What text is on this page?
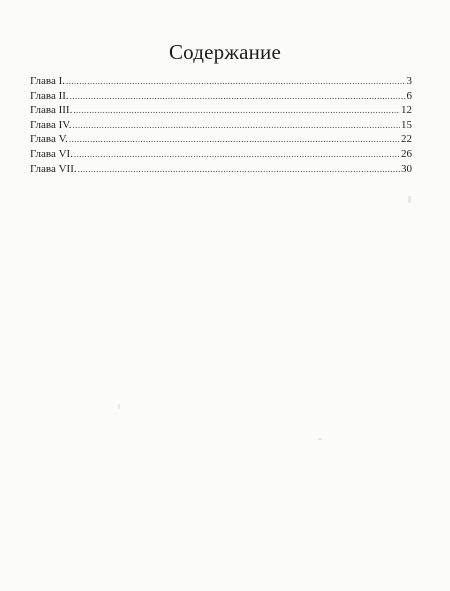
Содержание
Глава I. .....	3
Глава II. .....	6
Глава III. .....	12
Глава IV. .....	15
Глава V. .....	22
Глава VI. .....	26
Глава VII. .....	30
